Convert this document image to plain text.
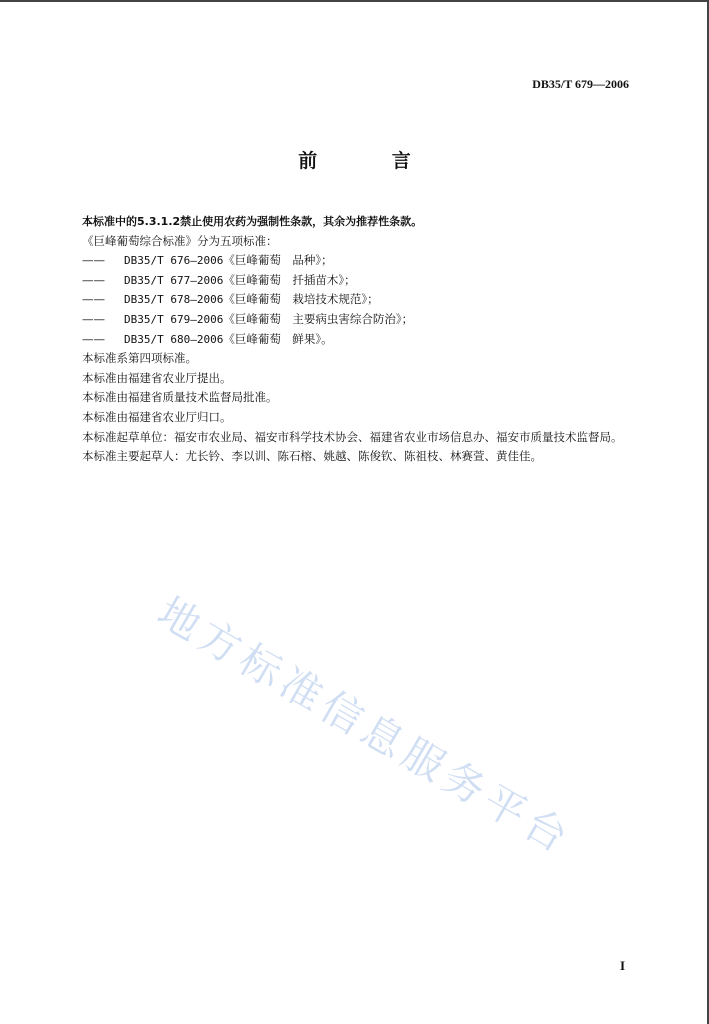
DB35/T 679—2006
前 言

本标准中的5.3.1.2禁止使用农药为强制性条款，其余为推荐性条款。

《巨峰葡萄综合标准》分为五项标准：

—— DB35/T 676—2006《巨峰葡萄　品种》；

—— DB35/T 677—2006《巨峰葡萄　扦插苗木》；

—— DB35/T 678—2006《巨峰葡萄　栽培技术规范》；

—— DB35/T 679—2006《巨峰葡萄　主要病虫害综合防治》；

—— DB35/T 680—2006《巨峰葡萄　鲜果》。

本标准系第四项标准。

本标准由福建省农业厅提出。

本标准由福建省质量技术监督局批准。

本标准由福建省农业厅归口。

本标准起草单位：福安市农业局、福安市科学技术协会、福建省农业市场信息办、福安市质量技术监督局。

本标准主要起草人：尤长钤、李以训、陈石榕、姚越、陈俊钦、陈祖枝、林赛萱、黄佳佳。

地方标准信息服务平台
I
